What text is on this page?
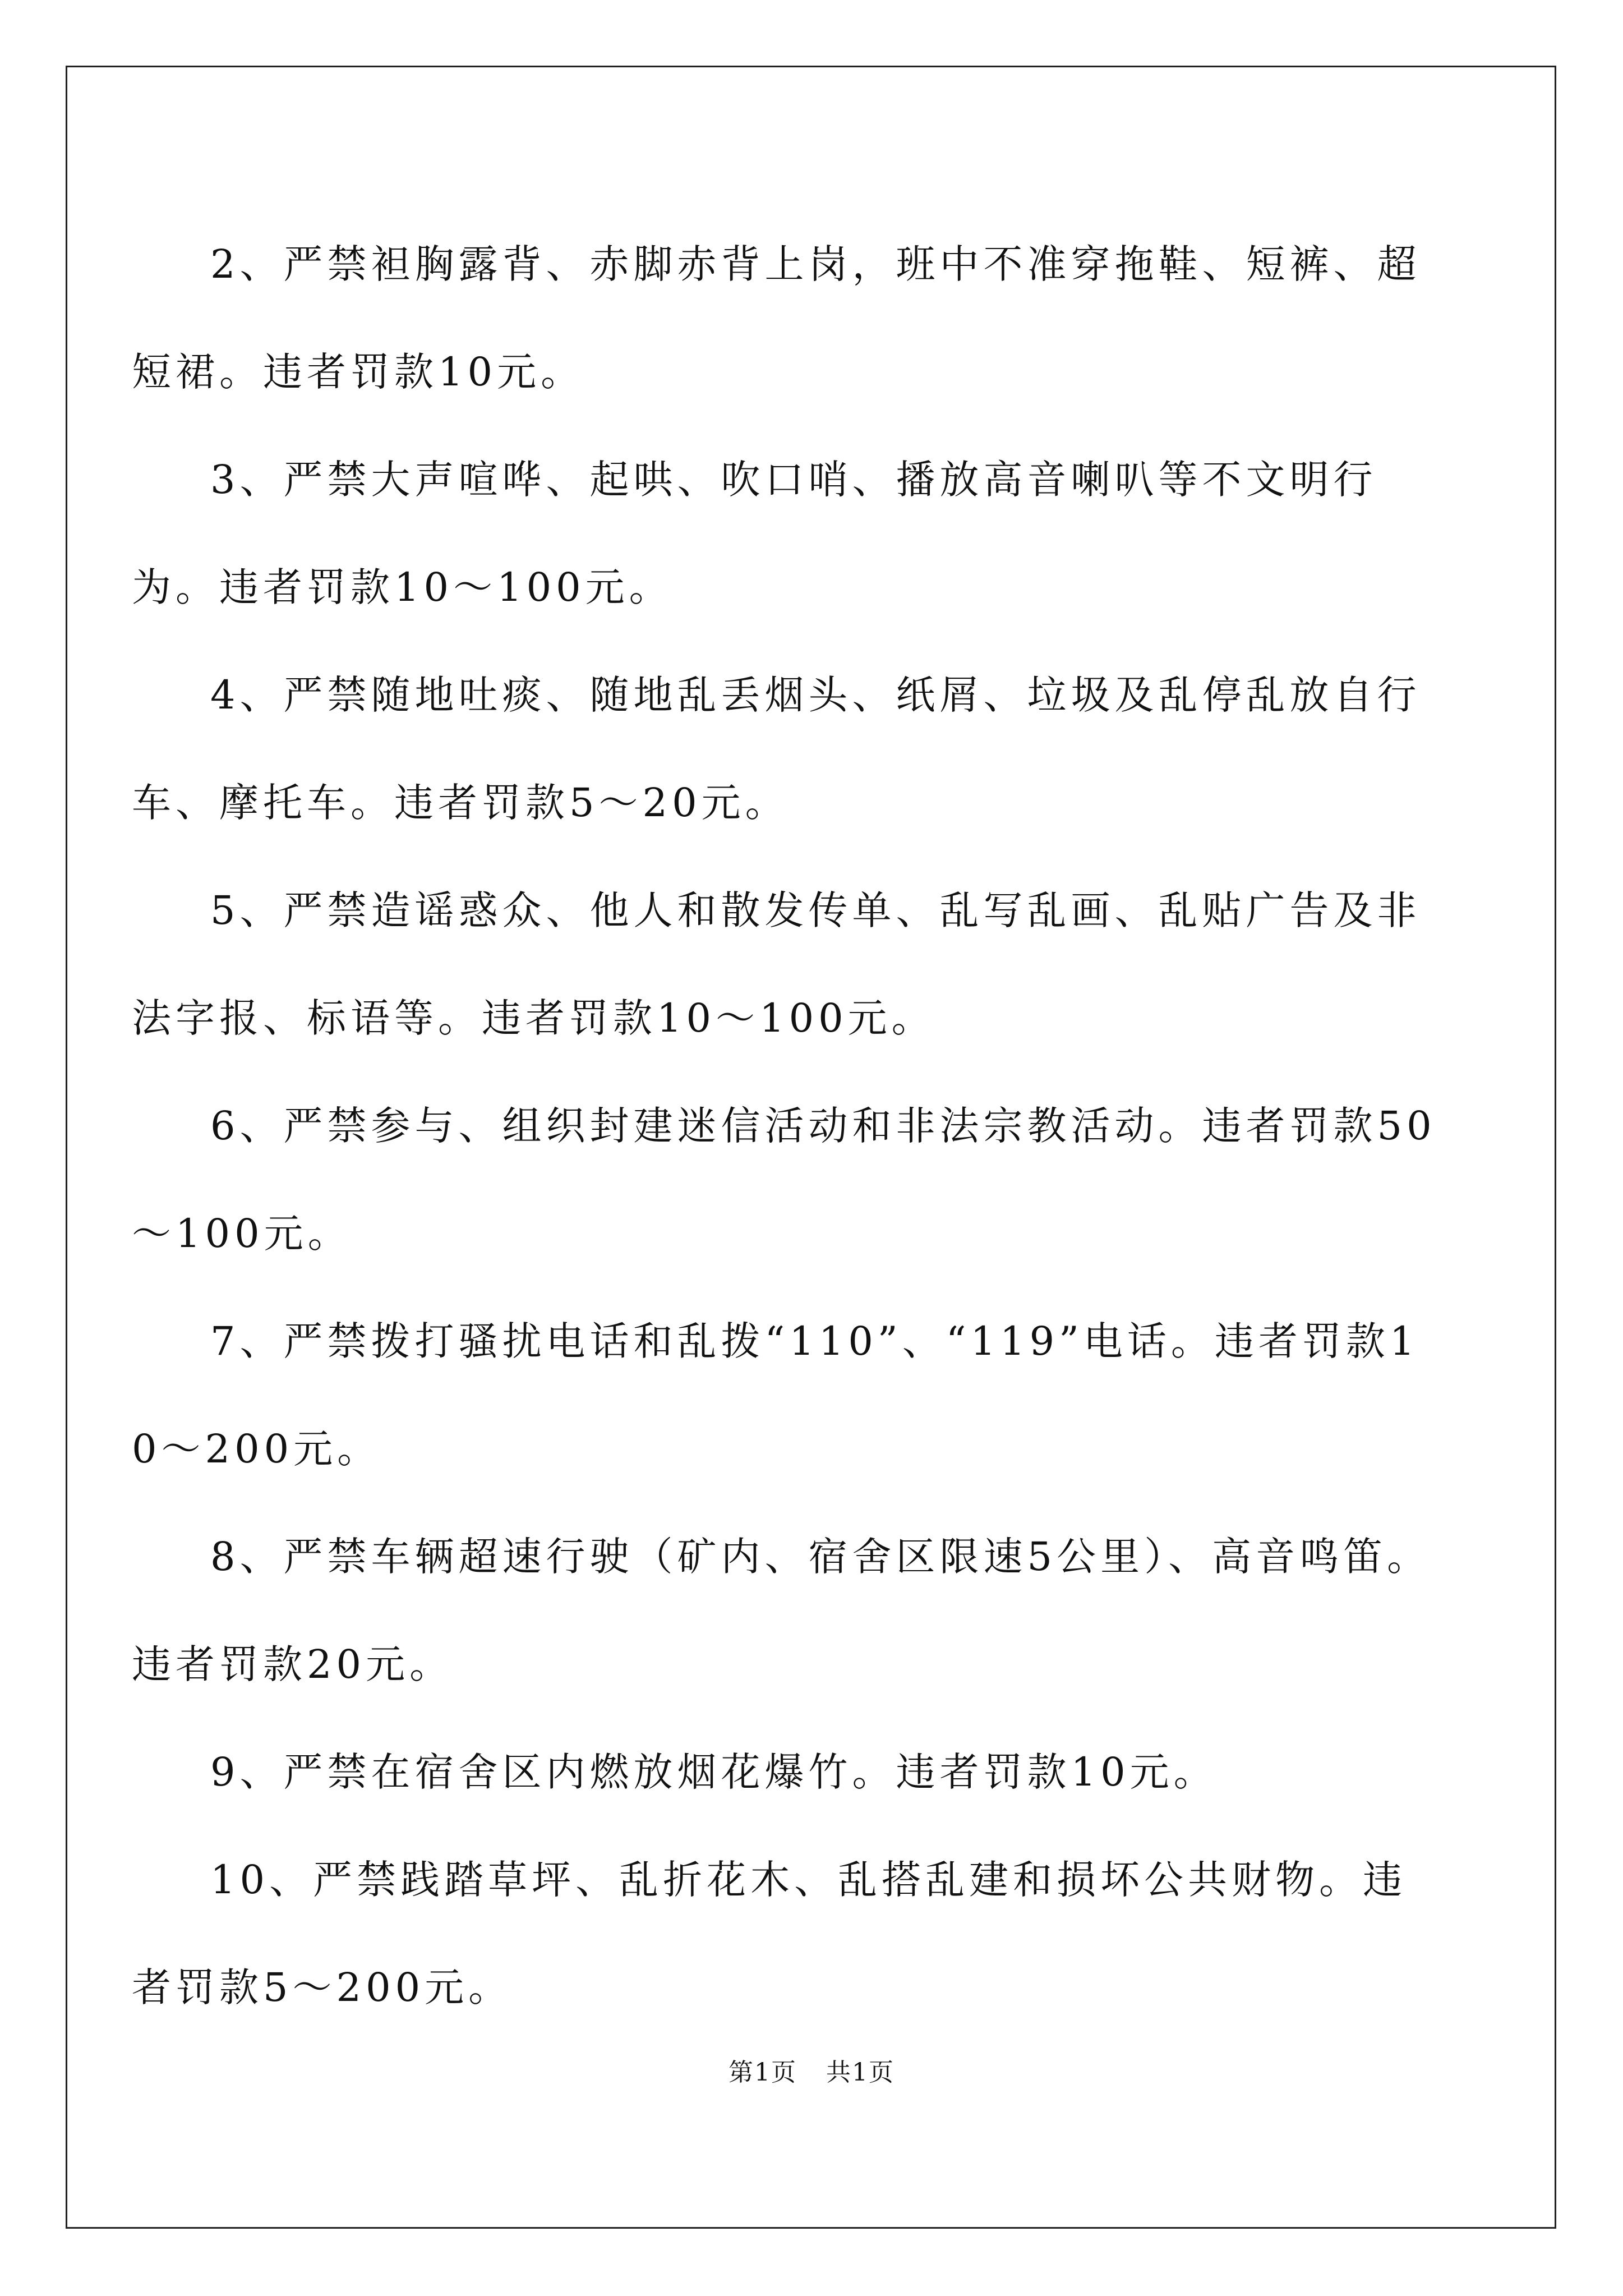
2、严禁袒胸露背、赤脚赤背上岗，班中不准穿拖鞋、短裤、超短裙。违者罚款10元。

3、严禁大声喧哗、起哄、吹口哨、播放高音喇叭等不文明行为。违者罚款10～100元。

4、严禁随地吐痰、随地乱丢烟头、纸屑、垃圾及乱停乱放自行车、摩托车。违者罚款5～20元。

5、严禁造谣惑众、他人和散发传单、乱写乱画、乱贴广告及非法字报、标语等。违者罚款10～100元。

6、严禁参与、组织封建迷信活动和非法宗教活动。违者罚款50～100元。

7、严禁拨打骚扰电话和乱拨“110”、“119”电话。违者罚款10～200元。

8、严禁车辆超速行驶（矿内、宿舍区限速5公里）、高音鸣笛。违者罚款20元。

9、严禁在宿舍区内燃放烟花爆竹。违者罚款10元。

10、严禁践踏草坪、乱折花木、乱搭乱建和损坏公共财物。违者罚款5～200元。

第1页 共1页
